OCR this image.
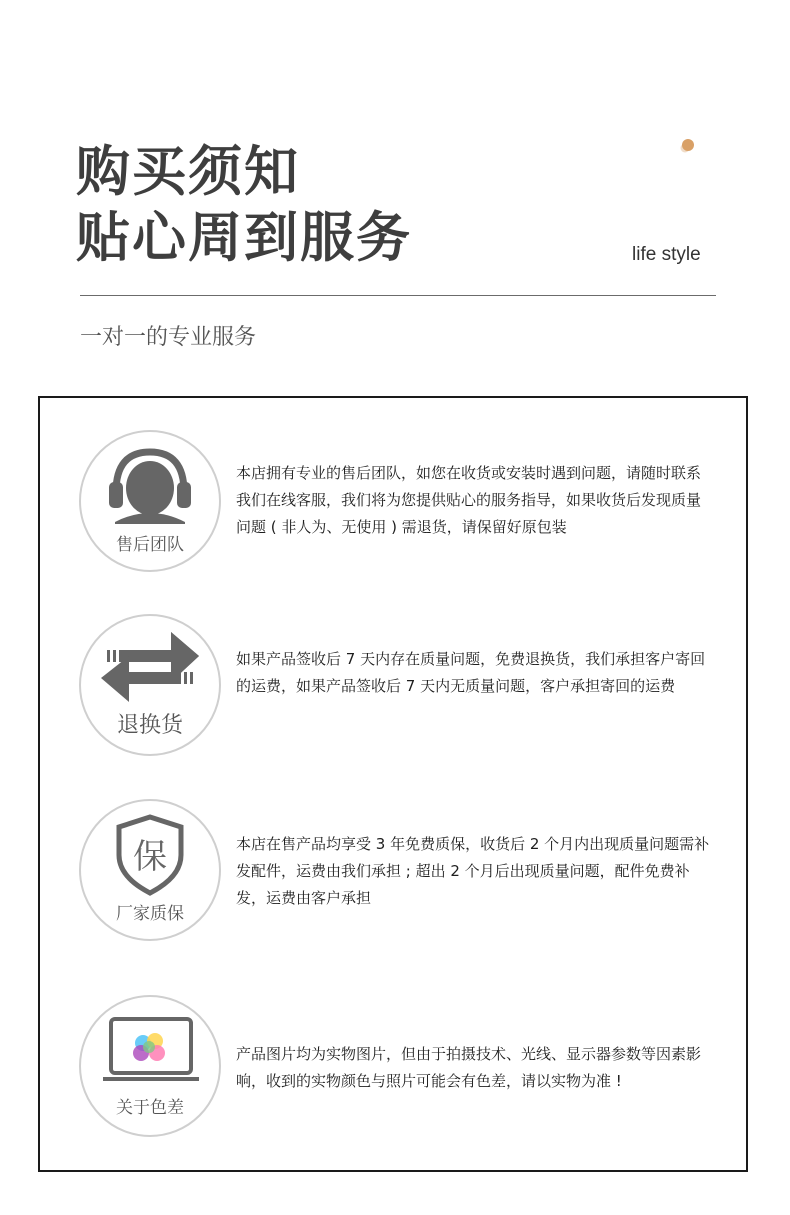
购买须知
贴心周到服务	life style
一对一的专业服务
售后团队
本店拥有专业的售后团队，如您在收货或安装时遇到问题，请随时联系我们在线客服，我们将为您提供贴心的服务指导，如果收货后发现质量问题 ( 非人为、无使用 ) 需退货，请保留好原包装
退换货
如果产品签收后 7 天内存在质量问题，免费退换货，我们承担客户寄回的运费，如果产品签收后 7 天内无质量问题，客户承担寄回的运费
保
厂家质保
本店在售产品均享受 3 年免费质保，收货后 2 个月内出现质量问题需补发配件，运费由我们承担 ; 超出 2 个月后出现质量问题，配件免费补发，运费由客户承担
关于色差
产品图片均为实物图片，但由于拍摄技术、光线、显示器参数等因素影响，收到的实物颜色与照片可能会有色差，请以实物为准 !
